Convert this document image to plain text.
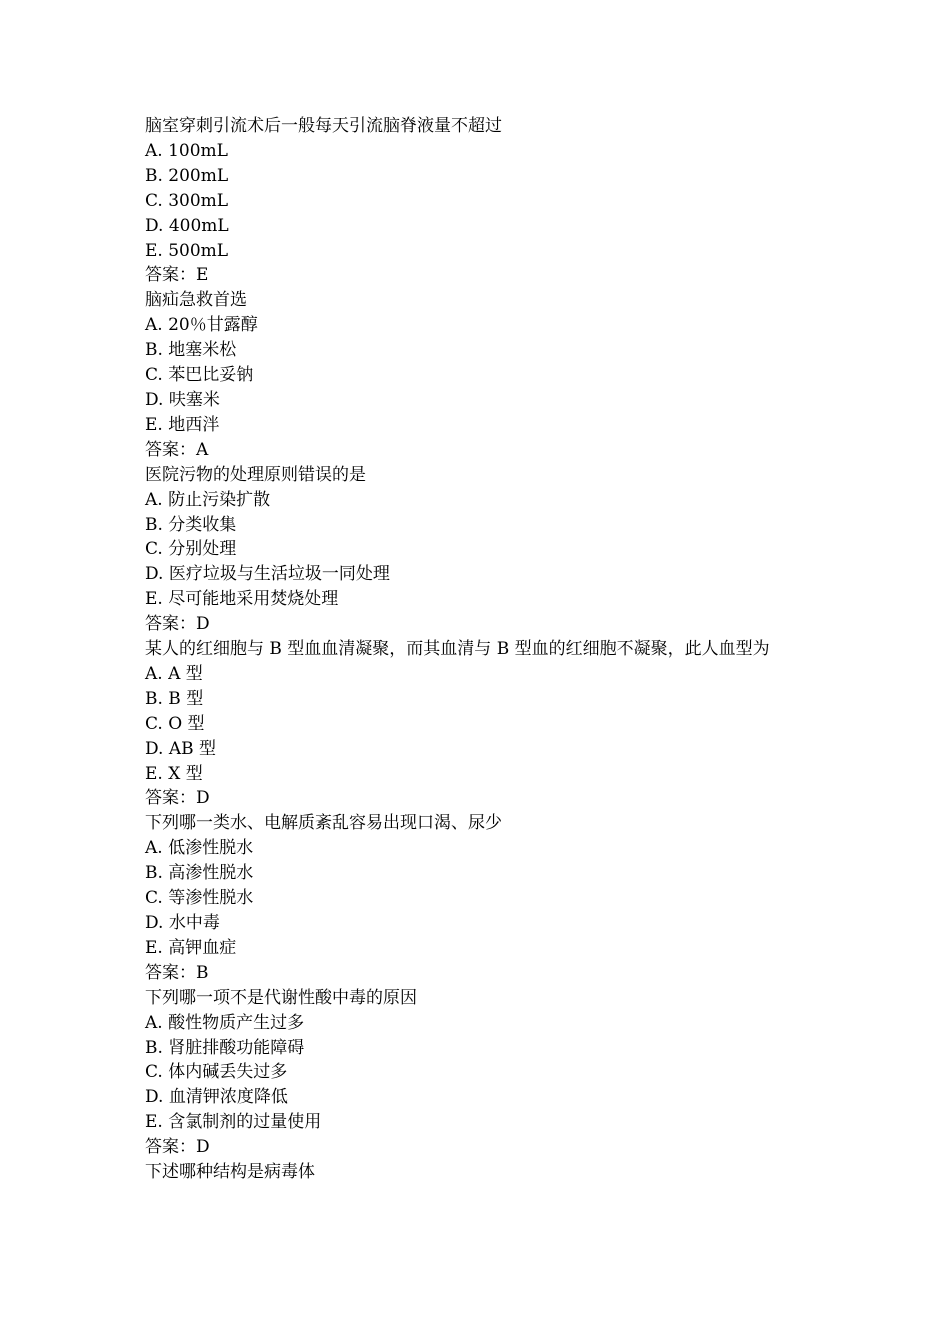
脑室穿刺引流术后一般每天引流脑脊液量不超过
A. 100mL
B. 200mL
C. 300mL
D. 400mL
E. 500mL
答案：E
脑疝急救首选
A. 20％甘露醇
B. 地塞米松
C. 苯巴比妥钠
D. 呋塞米
E. 地西泮
答案：A
医院污物的处理原则错误的是
A. 防止污染扩散
B. 分类收集
C. 分别处理
D. 医疗垃圾与生活垃圾一同处理
E. 尽可能地采用焚烧处理
答案：D
某人的红细胞与 B 型血血清凝聚，而其血清与 B 型血的红细胞不凝聚，此人血型为
A. A 型
B. B 型
C. O 型
D. AB 型
E. X 型
答案：D
下列哪一类水、电解质紊乱容易出现口渴、尿少
A. 低渗性脱水
B. 高渗性脱水
C. 等渗性脱水
D. 水中毒
E. 高钾血症
答案：B
下列哪一项不是代谢性酸中毒的原因
A. 酸性物质产生过多
B. 肾脏排酸功能障碍
C. 体内碱丢失过多
D. 血清钾浓度降低
E. 含氯制剂的过量使用
答案：D
下述哪种结构是病毒体
